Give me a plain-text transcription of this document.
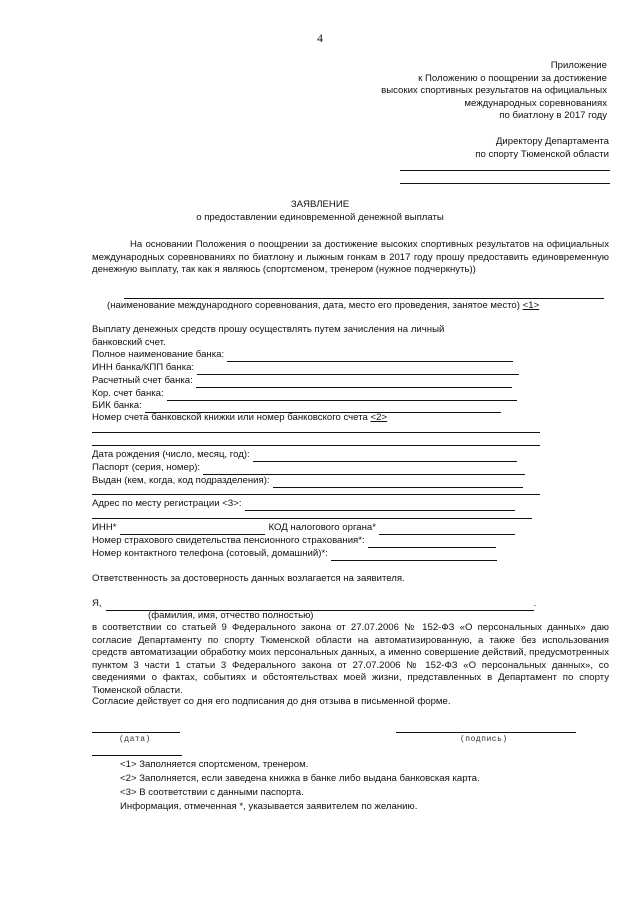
4
Приложение
к Положению о поощрении за достижение
высоких спортивных результатов на официальных
международных соревнованиях
по биатлону в 2017 году
Директору Департамента
по спорту Тюменской области
ЗАЯВЛЕНИЕ
о предоставлении единовременной денежной выплаты
На основании Положения о поощрении за достижение высоких спортивных результатов на официальных международных соревнованиях по биатлону и лыжным гонкам в 2017 году прошу предоставить единовременную денежную выплату, так как я являюсь (спортсменом, тренером (нужное подчеркнуть))
(наименование международного соревнования, дата, место его проведения, занятое место) <1>
Выплату денежных средств прошу осуществлять путем зачисления на личный банковский счет.
Полное наименование банка:
ИНН банка/КПП банка:
Расчетный счет банка:
Кор. счет банка:
БИК банка:
Номер счета банковской книжки или номер банковского счета <2>
Дата рождения (число, месяц, год):
Паспорт (серия, номер):
Выдан (кем, когда, код подразделения):
Адрес по месту регистрации <3>:
ИНН*	КОД налогового органа*
Номер страхового свидетельства пенсионного страхования*:
Номер контактного телефона (сотовый, домашний)*:
Ответственность за достоверность данных возлагается на заявителя.
Я,	.
(фамилия, имя, отчество полностью)
в соответствии со статьей 9 Федерального закона от 27.07.2006 № 152-ФЗ «О персональных данных» даю согласие Департаменту по спорту Тюменской области на автоматизированную, а также без использования средств автоматизации обработку моих персональных данных, а именно совершение действий, предусмотренных пунктом 3 части 1 статьи 3 Федерального закона от 27.07.2006 № 152-ФЗ «О персональных данных», со сведениями о фактах, событиях и обстоятельствах моей жизни, представленных в Департамент по спорту Тюменской области.
Согласие действует со дня его подписания до дня отзыва в письменной форме.
(дата)	(подпись)
<1> Заполняется спортсменом, тренером.
<2> Заполняется, если заведена книжка в банке либо выдана банковская карта.
<3> В соответствии с данными паспорта.
Информация, отмеченная *, указывается заявителем по желанию.
